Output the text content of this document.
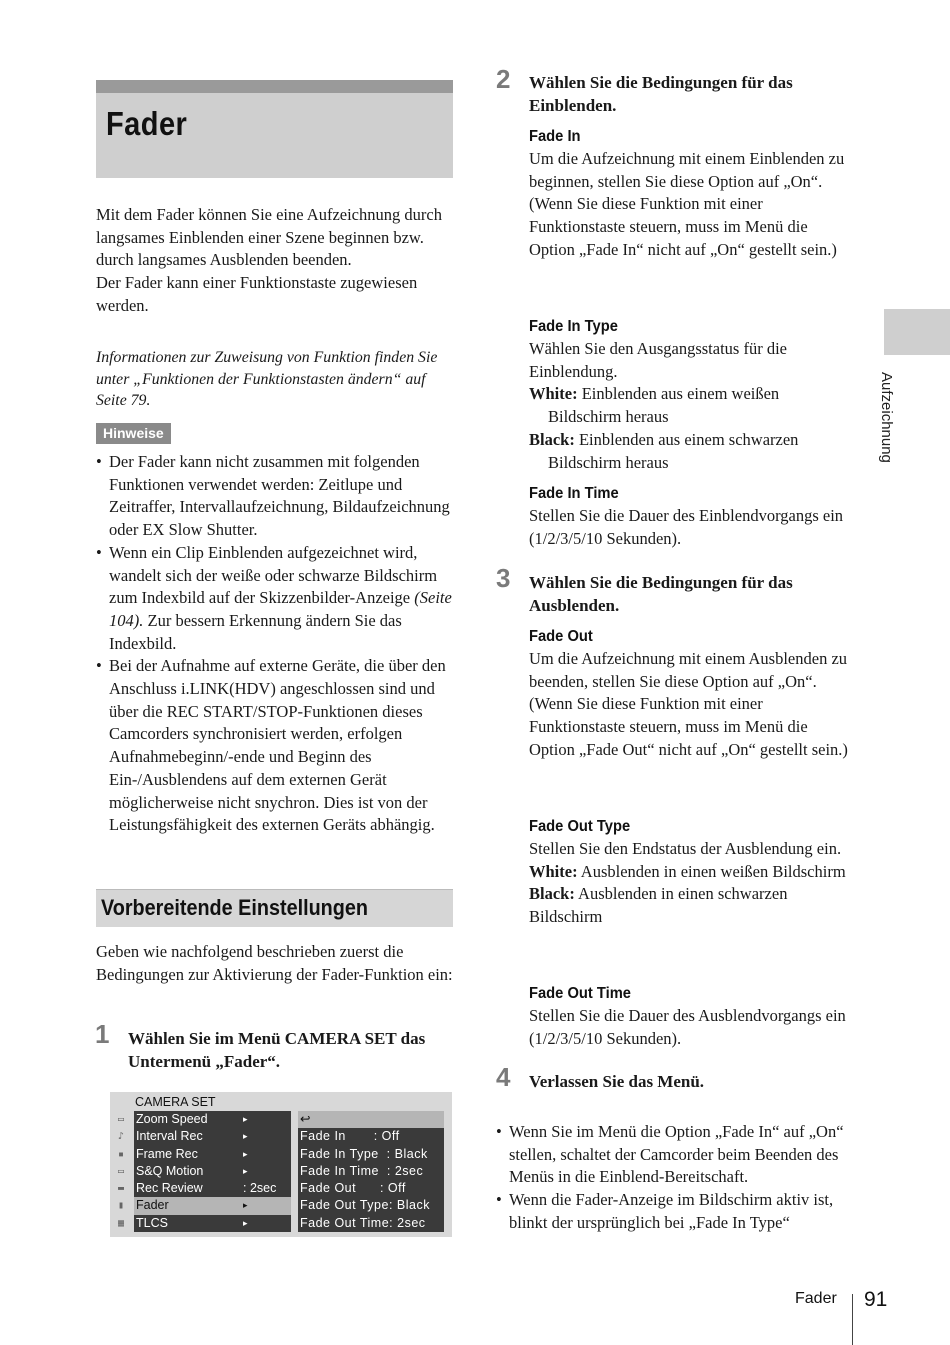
Fader

Mit dem Fader können Sie eine Aufzeichnung durch langsames Einblenden einer Szene beginnen bzw. durch langsames Ausblenden beenden.

Der Fader kann einer Funktionstaste zugewiesen werden.

Informationen zur Zuweisung von Funktion finden Sie unter „Funktionen der Funktionstasten ändern“ auf Seite 79.
Hinweise
• Der Fader kann nicht zusammen mit folgenden Funktionen verwendet werden: Zeitlupe und Zeitraffer, Intervallaufzeichnung, Bildaufzeichnung oder EX Slow Shutter.
• Wenn ein Clip Einblenden aufgezeichnet wird, wandelt sich der weiße oder schwarze Bildschirm zum Indexbild auf der Skizzenbilder-Anzeige (Seite 104). Zur bessern Erkennung ändern Sie das Indexbild.
• Bei der Aufnahme auf externe Geräte, die über den Anschluss i.LINK(HDV) angeschlossen sind und über die REC START/STOP-Funktionen dieses Camcorders synchronisiert werden, erfolgen Aufnahmebeginn/-ende und Beginn des Ein-/Ausblendens auf dem externen Gerät möglicherweise nicht snychron. Dies ist von der Leistungsfähigkeit des externen Geräts abhängig.
Vorbereitende Einstellungen
Geben wie nachfolgend beschrieben zuerst die Bedingungen zur Aktivierung der Fader-Funktion ein:
1 Wählen Sie im Menü CAMERA SET das Untermenü „Fader“.
CAMERA SET
▭
♪
▪
▭
▬
▮
▦
Zoom Speed	▸
Interval Rec	▸
Frame Rec	▸
S&Q Motion	▸
Rec Review	: 2sec
Fader	▸
TLCS	▸
↩
Fade In       : Off
Fade In Type  : Black
Fade In Time  : 2sec
Fade Out      : Off
Fade Out Type: Black
Fade Out Time: 2sec
2 Wählen Sie die Bedingungen für das Einblenden.
Fade In

Um die Aufzeichnung mit einem Einblenden zu beginnen, stellen Sie diese Option auf „On“.

(Wenn Sie diese Funktion mit einer Funktionstaste steuern, muss im Menü die Option „Fade In“ nicht auf „On“ gestellt sein.)

Fade In Type

Wählen Sie den Ausgangsstatus für die Einblendung.

White: Einblenden aus einem weißen Bildschirm heraus

Black: Einblenden aus einem schwarzen Bildschirm heraus

Fade In Time

Stellen Sie die Dauer des Einblendvorgangs ein (1/2/3/5/10 Sekunden).

3 Wählen Sie die Bedingungen für das Ausblenden.
Fade Out

Um die Aufzeichnung mit einem Ausblenden zu beenden, stellen Sie diese Option auf „On“.

(Wenn Sie diese Funktion mit einer Funktionstaste steuern, muss im Menü die Option „Fade Out“ nicht auf „On“ gestellt sein.)

Fade Out Type

Stellen Sie den Endstatus der Ausblendung ein.

White: Ausblenden in einen weißen Bildschirm

Black: Ausblenden in einen schwarzen Bildschirm

Fade Out Time

Stellen Sie die Dauer des Ausblendvorgangs ein (1/2/3/5/10 Sekunden).

4 Verlassen Sie das Menü.
• Wenn Sie im Menü die Option „Fade In“ auf „On“ stellen, schaltet der Camcorder beim Beenden des Menüs in die Einblend-Bereitschaft.
• Wenn die Fader-Anzeige im Bildschirm aktiv ist, blinkt der ursprünglich bei „Fade In Type“
Aufzeichnung
Fader 91
